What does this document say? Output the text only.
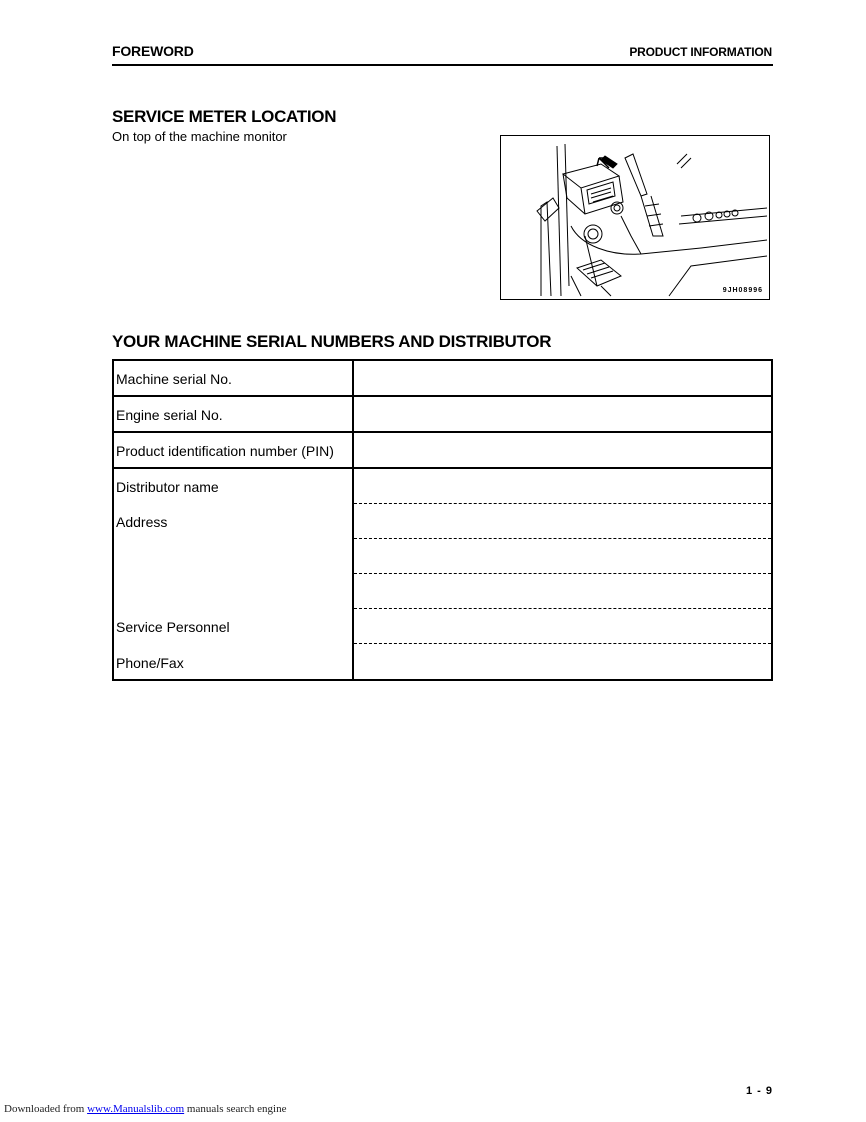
FOREWORD	PRODUCT INFORMATION
SERVICE METER LOCATION
On top of the machine monitor
9JH08996
YOUR MACHINE SERIAL NUMBERS AND DISTRIBUTOR
Machine serial No.
Engine serial No.
Product identification number (PIN)
Distributor name
Address
Service Personnel
Phone/Fax
1 - 9
Downloaded from www.Manualslib.com manuals search engine
